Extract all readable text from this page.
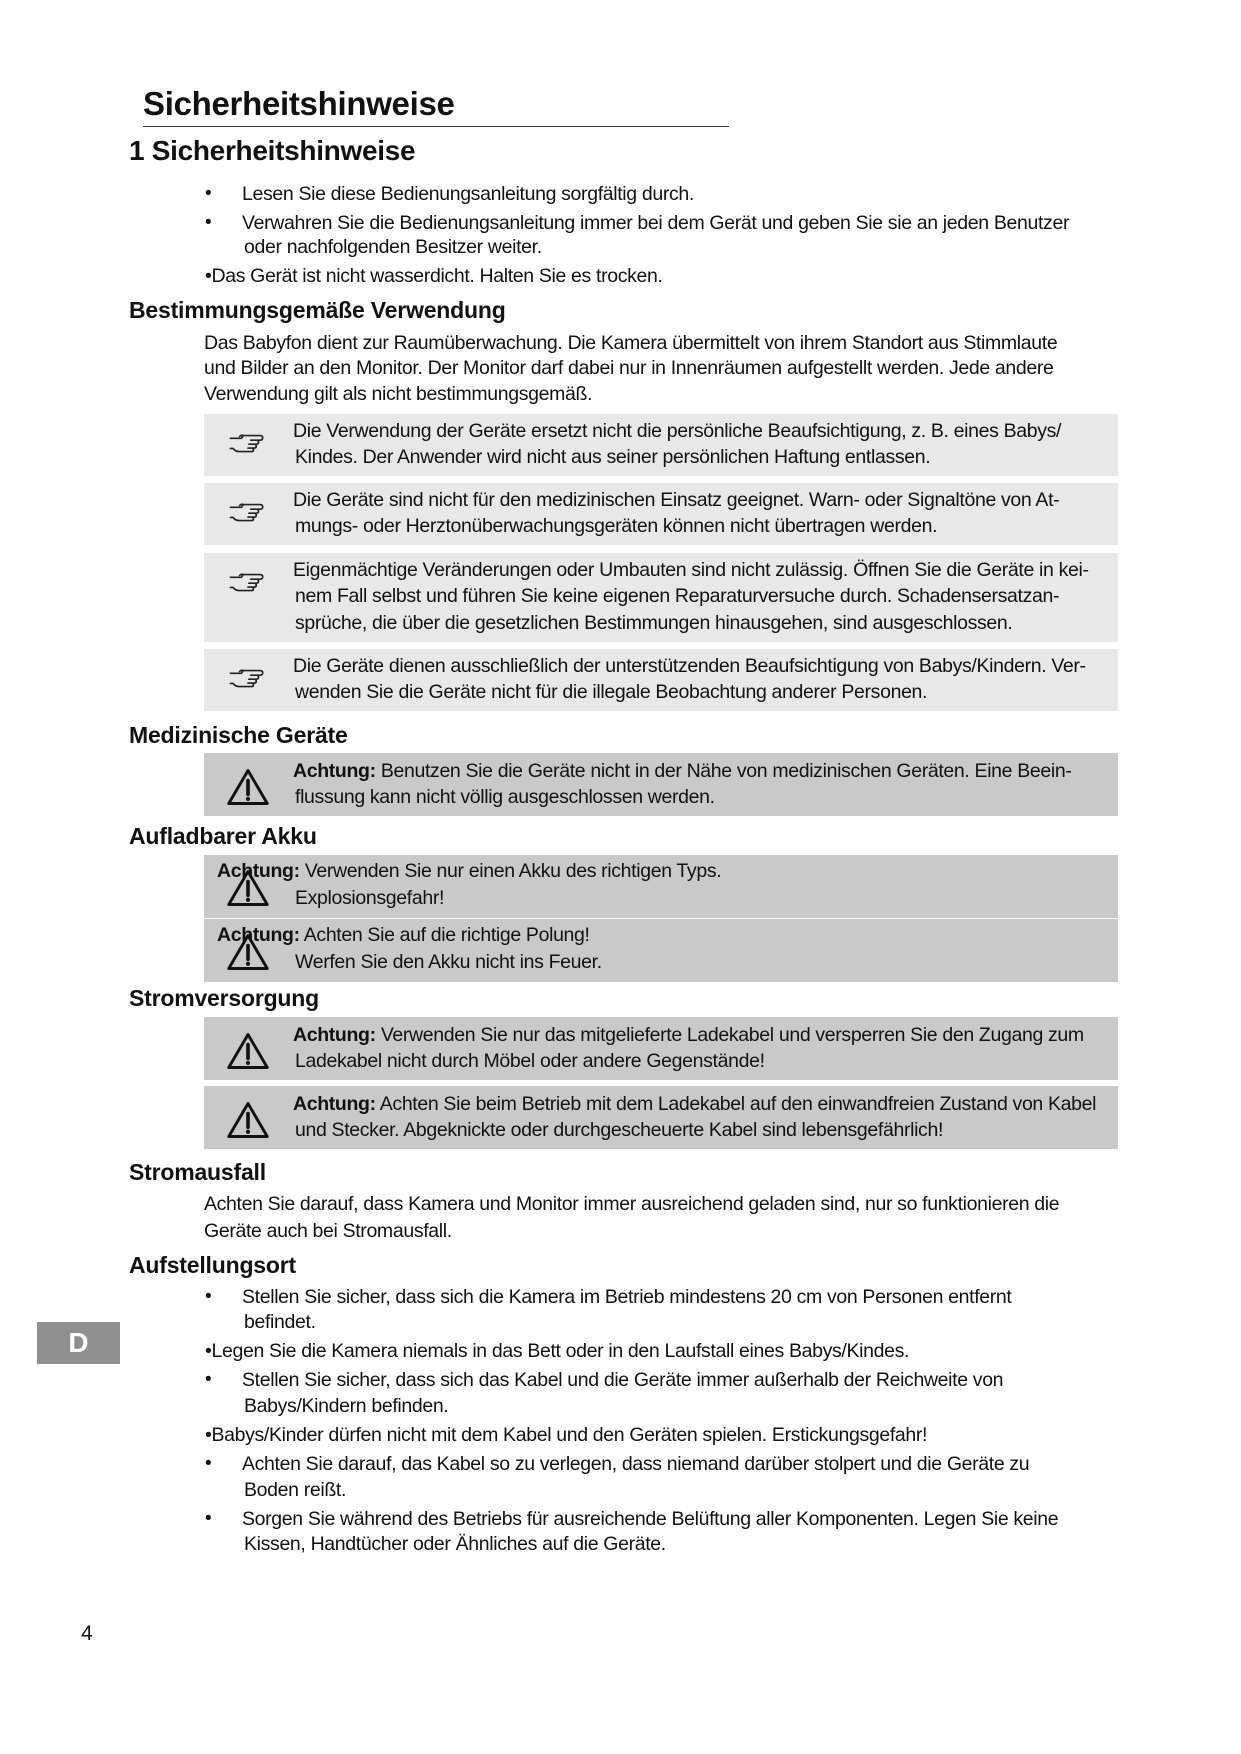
Sicherheitshinweise
1 Sicherheitshinweise
• Lesen Sie diese Bedienungsanleitung sorgfältig durch.
• Verwahren Sie die Bedienungsanleitung immer bei dem Gerät und geben Sie sie an jeden Benutzer
oder nachfolgenden Besitzer weiter.
•Das Gerät ist nicht wasserdicht. Halten Sie es trocken.
Bestimmungsgemäße Verwendung
Das Babyfon dient zur Raumüberwachung. Die Kamera übermittelt von ihrem Standort aus Stimmlaute
und Bilder an den Monitor. Der Monitor darf dabei nur in Innenräumen aufgestellt werden. Jede andere
Verwendung gilt als nicht bestimmungsgemäß.
Die Verwendung der Geräte ersetzt nicht die persönliche Beaufsichtigung, z. B. eines Babys/
Kindes. Der Anwender wird nicht aus seiner persönlichen Haftung entlassen.
Die Geräte sind nicht für den medizinischen Einsatz geeignet. Warn- oder Signaltöne von At-
mungs- oder Herztonüberwachungsgeräten können nicht übertragen werden.
Eigenmächtige Veränderungen oder Umbauten sind nicht zulässig. Öffnen Sie die Geräte in kei-
nem Fall selbst und führen Sie keine eigenen Reparaturversuche durch. Schadensersatzan-
sprüche, die über die gesetzlichen Bestimmungen hinausgehen, sind ausgeschlossen.
Die Geräte dienen ausschließlich der unterstützenden Beaufsichtigung von Babys/Kindern. Ver-
wenden Sie die Geräte nicht für die illegale Beobachtung anderer Personen.
Medizinische Geräte
Achtung: Benutzen Sie die Geräte nicht in der Nähe von medizinischen Geräten. Eine Beein-
flussung kann nicht völlig ausgeschlossen werden.
Aufladbarer Akku
Achtung: Verwenden Sie nur einen Akku des richtigen Typs.
Explosionsgefahr!
Achtung: Achten Sie auf die richtige Polung!
Werfen Sie den Akku nicht ins Feuer.
Stromversorgung
Achtung: Verwenden Sie nur das mitgelieferte Ladekabel und versperren Sie den Zugang zum
Ladekabel nicht durch Möbel oder andere Gegenstände!
Achtung: Achten Sie beim Betrieb mit dem Ladekabel auf den einwandfreien Zustand von Kabel
und Stecker. Abgeknickte oder durchgescheuerte Kabel sind lebensgefährlich!
Stromausfall
Achten Sie darauf, dass Kamera und Monitor immer ausreichend geladen sind, nur so funktionieren die
Geräte auch bei Stromausfall.
Aufstellungsort
• Stellen Sie sicher, dass sich die Kamera im Betrieb mindestens 20 cm von Personen entfernt
befindet.
•Legen Sie die Kamera niemals in das Bett oder in den Laufstall eines Babys/Kindes.
• Stellen Sie sicher, dass sich das Kabel und die Geräte immer außerhalb der Reichweite von
Babys/Kindern befinden.
•Babys/Kinder dürfen nicht mit dem Kabel und den Geräten spielen. Erstickungsgefahr!
• Achten Sie darauf, das Kabel so zu verlegen, dass niemand darüber stolpert und die Geräte zu
Boden reißt.
• Sorgen Sie während des Betriebs für ausreichende Belüftung aller Komponenten. Legen Sie keine
Kissen, Handtücher oder Ähnliches auf die Geräte.
D
4
